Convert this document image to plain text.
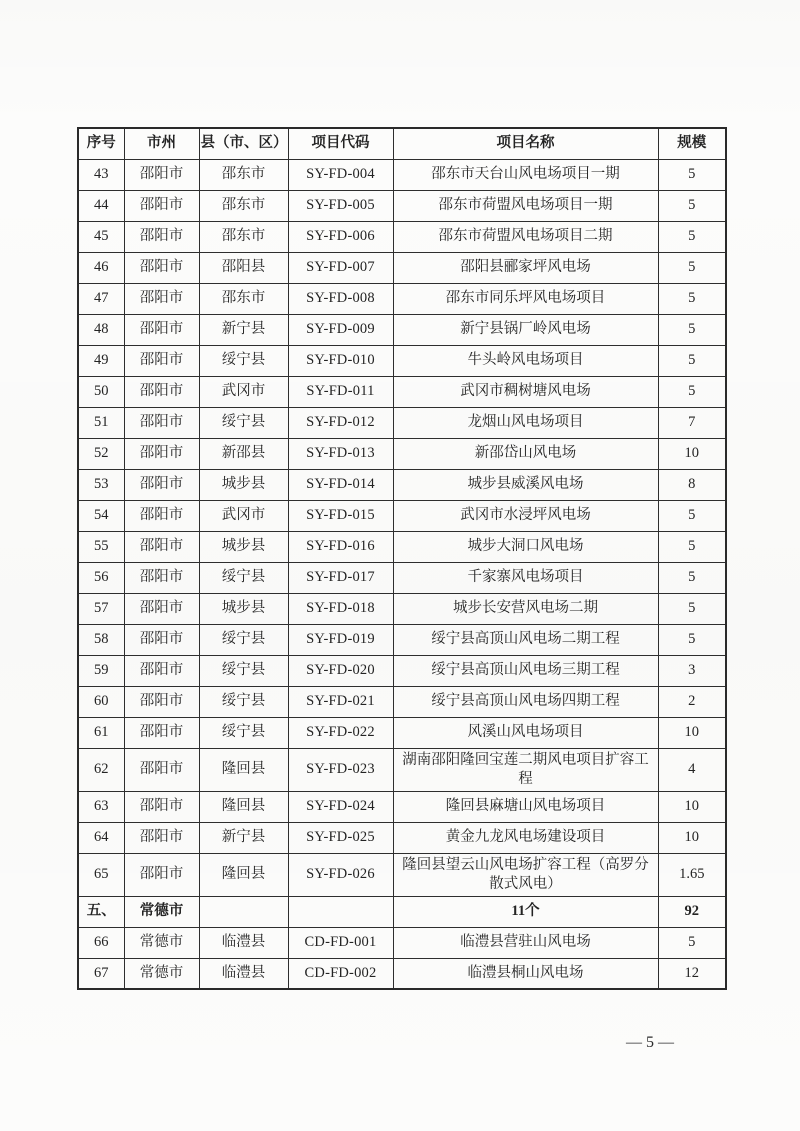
序号	市州	县（市、区）	项目代码	项目名称	规模
43	邵阳市	邵东市	SY-FD-004	邵东市天台山风电场项目一期	5
44	邵阳市	邵东市	SY-FD-005	邵东市荷盟风电场项目一期	5
45	邵阳市	邵东市	SY-FD-006	邵东市荷盟风电场项目二期	5
46	邵阳市	邵阳县	SY-FD-007	邵阳县郦家坪风电场	5
47	邵阳市	邵东市	SY-FD-008	邵东市同乐坪风电场项目	5
48	邵阳市	新宁县	SY-FD-009	新宁县锅厂岭风电场	5
49	邵阳市	绥宁县	SY-FD-010	牛头岭风电场项目	5
50	邵阳市	武冈市	SY-FD-011	武冈市稠树塘风电场	5
51	邵阳市	绥宁县	SY-FD-012	龙烟山风电场项目	7
52	邵阳市	新邵县	SY-FD-013	新邵岱山风电场	10
53	邵阳市	城步县	SY-FD-014	城步县威溪风电场	8
54	邵阳市	武冈市	SY-FD-015	武冈市水浸坪风电场	5
55	邵阳市	城步县	SY-FD-016	城步大洞口风电场	5
56	邵阳市	绥宁县	SY-FD-017	千家寨风电场项目	5
57	邵阳市	城步县	SY-FD-018	城步长安营风电场二期	5
58	邵阳市	绥宁县	SY-FD-019	绥宁县高顶山风电场二期工程	5
59	邵阳市	绥宁县	SY-FD-020	绥宁县高顶山风电场三期工程	3
60	邵阳市	绥宁县	SY-FD-021	绥宁县高顶山风电场四期工程	2
61	邵阳市	绥宁县	SY-FD-022	风溪山风电场项目	10
62	邵阳市	隆回县	SY-FD-023	湖南邵阳隆回宝莲二期风电项目扩容工程	4
63	邵阳市	隆回县	SY-FD-024	隆回县麻塘山风电场项目	10
64	邵阳市	新宁县	SY-FD-025	黄金九龙风电场建设项目	10
65	邵阳市	隆回县	SY-FD-026	隆回县望云山风电场扩容工程（高罗分散式风电）	1.65
五、	常德市			11个	92
66	常德市	临澧县	CD-FD-001	临澧县营驻山风电场	5
67	常德市	临澧县	CD-FD-002	临澧县桐山风电场	12
— 5 —
